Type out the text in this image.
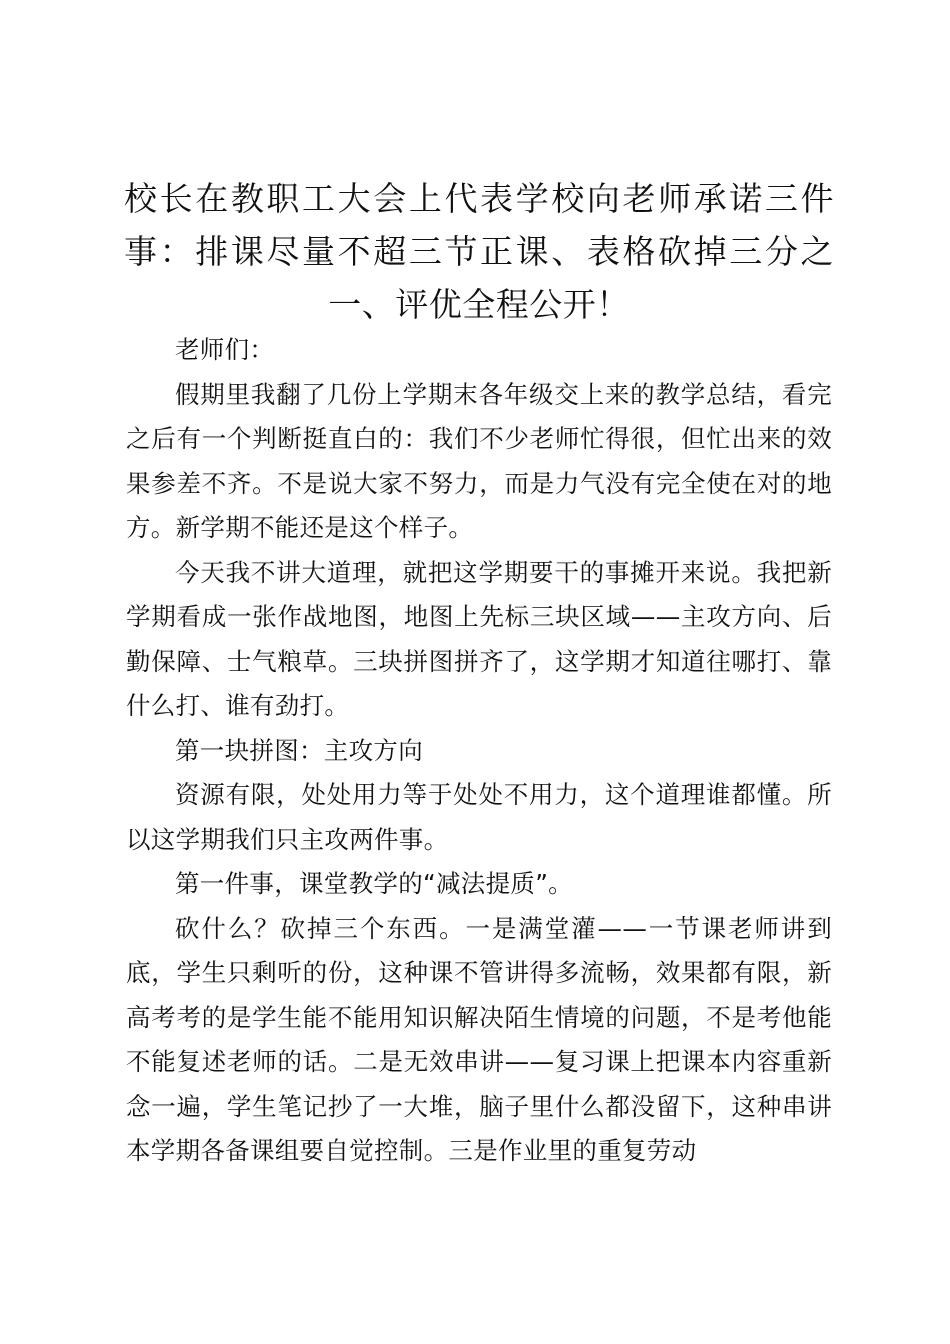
校长在教职工大会上代表学校向老师承诺三件事：排课尽量不超三节正课、表格砍掉三分之一、评优全程公开！

老师们：

假期里我翻了几份上学期末各年级交上来的教学总结，看完之后有一个判断挺直白的：我们不少老师忙得很，但忙出来的效果参差不齐。不是说大家不努力，而是力气没有完全使在对的地方。新学期不能还是这个样子。

今天我不讲大道理，就把这学期要干的事摊开来说。我把新学期看成一张作战地图，地图上先标三块区域——主攻方向、后勤保障、士气粮草。三块拼图拼齐了，这学期才知道往哪打、靠什么打、谁有劲打。

第一块拼图：主攻方向

资源有限，处处用力等于处处不用力，这个道理谁都懂。所以这学期我们只主攻两件事。

第一件事，课堂教学的“减法提质”。

砍什么？砍掉三个东西。一是满堂灌——一节课老师讲到底，学生只剩听的份，这种课不管讲得多流畅，效果都有限，新高考考的是学生能不能用知识解决陌生情境的问题，不是考他能不能复述老师的话。二是无效串讲——复习课上把课本内容重新念一遍，学生笔记抄了一大堆，脑子里什么都没留下，这种串讲本学期各备课组要自觉控制。三是作业里的重复劳动
